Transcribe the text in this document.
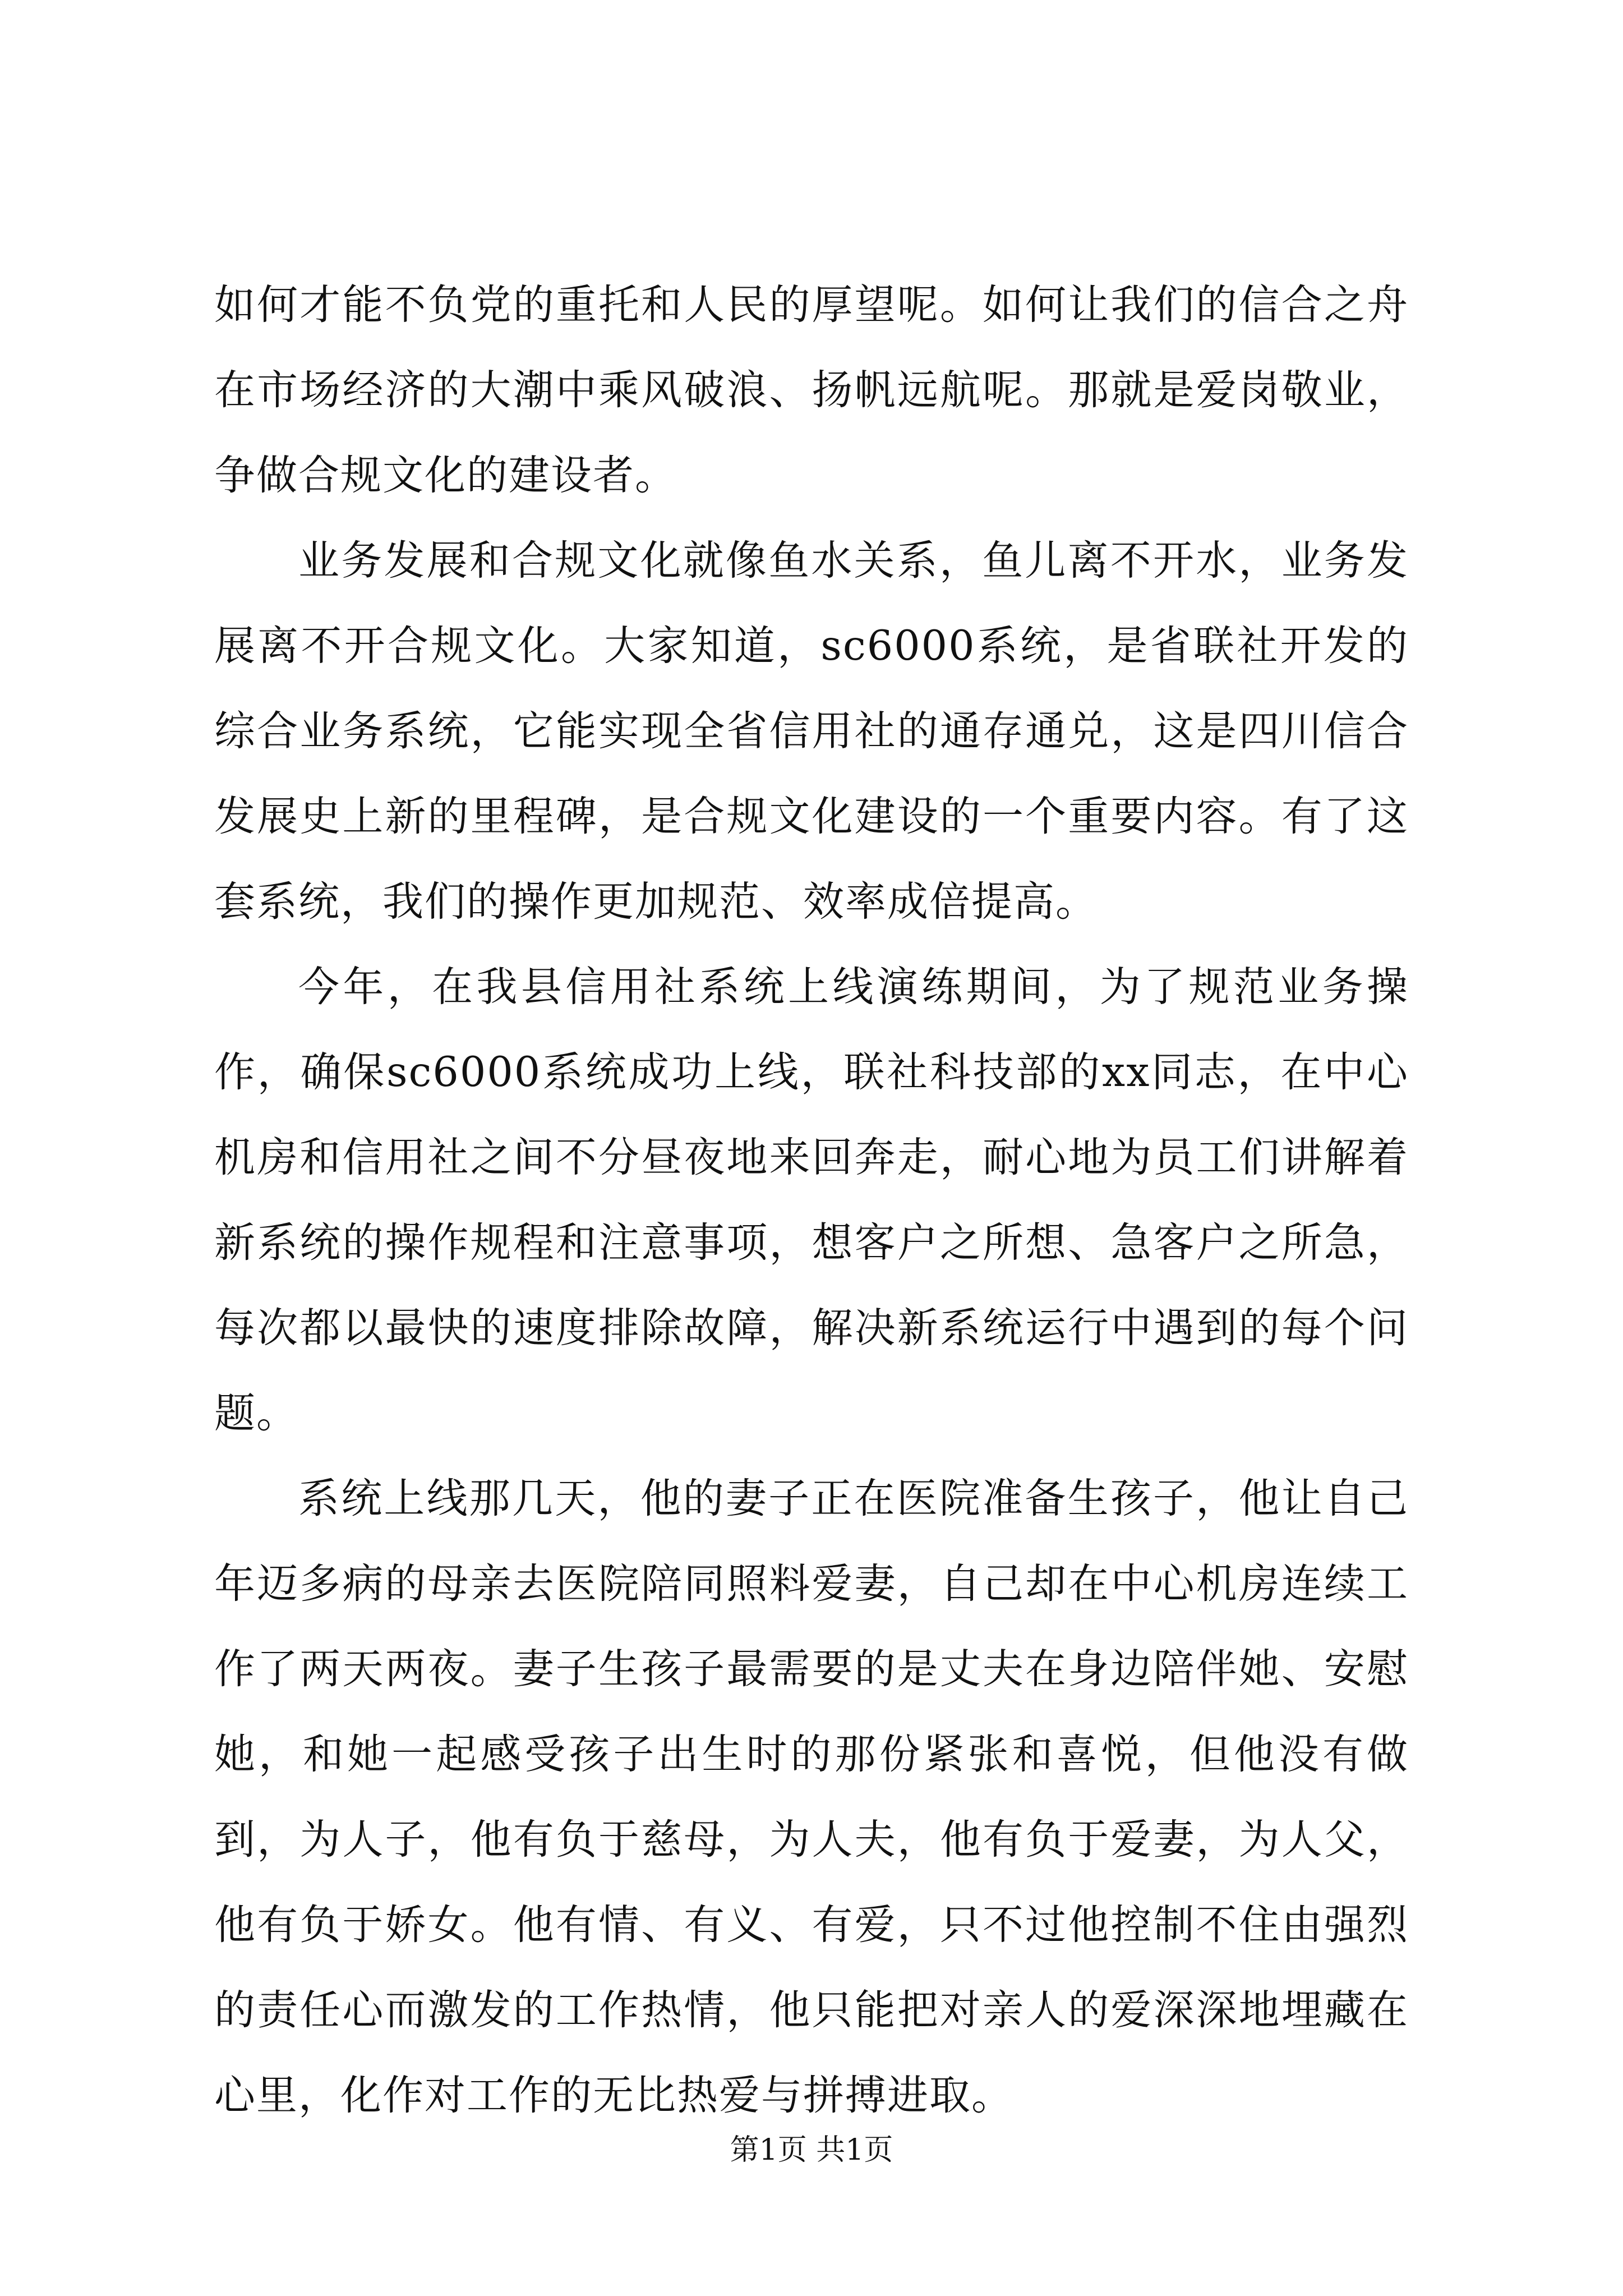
如何才能不负党的重托和人民的厚望呢。如何让我们的信合之舟在市场经济的大潮中乘风破浪、扬帆远航呢。那就是爱岗敬业，争做合规文化的建设者。

业务发展和合规文化就像鱼水关系，鱼儿离不开水，业务发展离不开合规文化。大家知道，sc6000系统，是省联社开发的综合业务系统，它能实现全省信用社的通存通兑，这是四川信合发展史上新的里程碑，是合规文化建设的一个重要内容。有了这套系统，我们的操作更加规范、效率成倍提高。

今年，在我县信用社系统上线演练期间，为了规范业务操作，确保sc6000系统成功上线，联社科技部的xx同志，在中心机房和信用社之间不分昼夜地来回奔走，耐心地为员工们讲解着新系统的操作规程和注意事项，想客户之所想、急客户之所急，每次都以最快的速度排除故障，解决新系统运行中遇到的每个问题。

系统上线那几天，他的妻子正在医院准备生孩子，他让自己年迈多病的母亲去医院陪同照料爱妻，自己却在中心机房连续工作了两天两夜。妻子生孩子最需要的是丈夫在身边陪伴她、安慰她，和她一起感受孩子出生时的那份紧张和喜悦，但他没有做到，为人子，他有负于慈母，为人夫，他有负于爱妻，为人父，他有负于娇女。他有情、有义、有爱，只不过他控制不住由强烈的责任心而激发的工作热情，他只能把对亲人的爱深深地埋藏在心里，化作对工作的无比热爱与拼搏进取。

第1页 共1页
